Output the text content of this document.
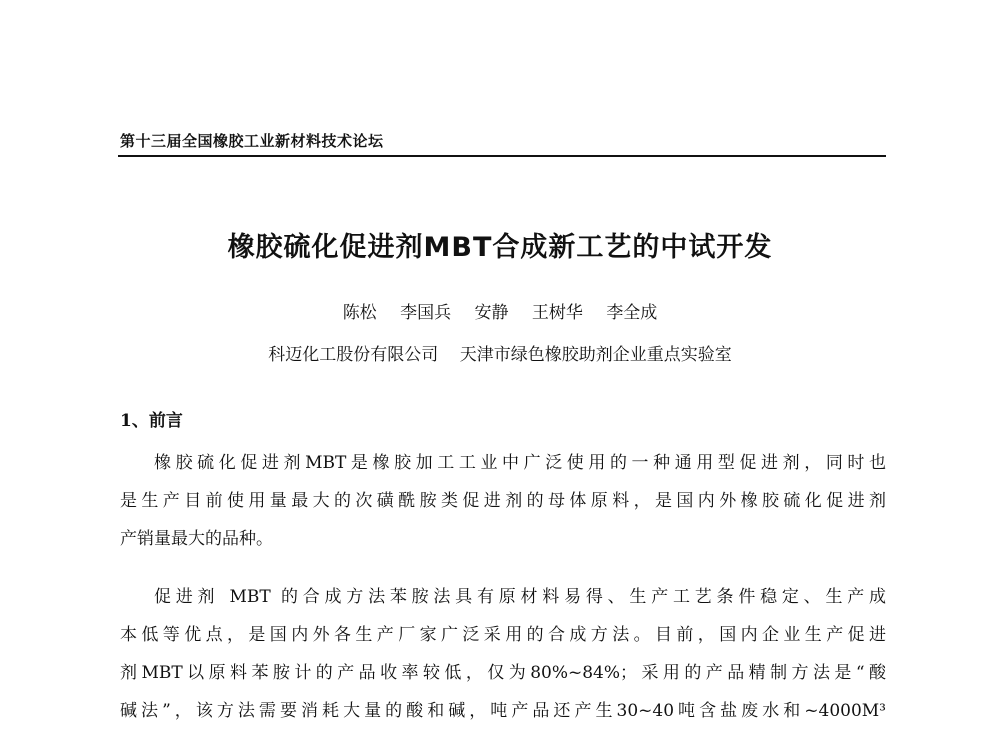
第十三届全国橡胶工业新材料技术论坛
橡胶硫化促进剂MBT合成新工艺的中试开发
陈松 李国兵 安静 王树华 李全成
科迈化工股份有限公司 天津市绿色橡胶助剂企业重点实验室
1、前言
橡胶硫化促进剂MBT是橡胶加工工业中广泛使用的一种通用型促进剂，同时也
是生产目前使用量最大的次磺酰胺类促进剂的母体原料，是国内外橡胶硫化促进剂
产销量最大的品种。
促进剂 MBT 的合成方法苯胺法具有原材料易得、生产工艺条件稳定、生产成
本低等优点，是国内外各生产厂家广泛采用的合成方法。目前，国内企业生产促进
剂MBT以原料苯胺计的产品收率较低，仅为80%~84%；采用的产品精制方法是“酸
碱法”，该方法需要消耗大量的酸和碱，吨产品还产生30~40吨含盐废水和~4000M³
